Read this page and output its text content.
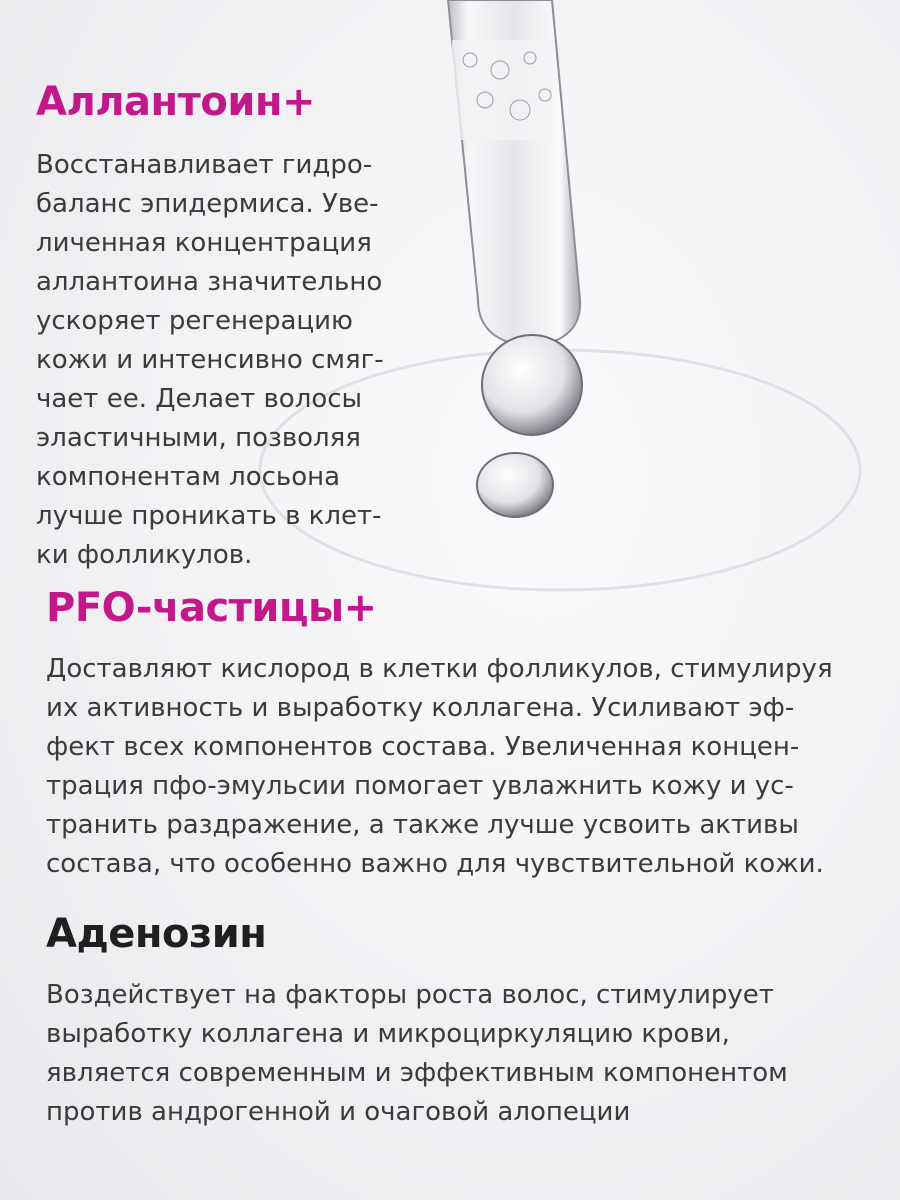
Аллантоин+
Восстанавливает гидро-
баланс эпидермиса. Уве-
личенная концентрация
аллантоина значительно
ускоряет регенерацию
кожи и интенсивно смяг-
чает ее. Делает волосы
эластичными, позволяя
компонентам лосьона
лучше проникать в клет-
ки фолликулов.
PFO-частицы+
Доставляют кислород в клетки фолликулов, стимулируя
их активность и выработку коллагена. Усиливают эф-
фект всех компонентов состава. Увеличенная концен-
трация пфо-эмульсии помогает увлажнить кожу и ус-
транить раздражение, а также лучше усвоить активы
состава, что особенно важно для чувствительной кожи.
Аденозин
Воздействует на факторы роста волос, стимулирует
выработку коллагена и микроциркуляцию крови,
является современным и эффективным компонентом
против андрогенной и очаговой алопеции
